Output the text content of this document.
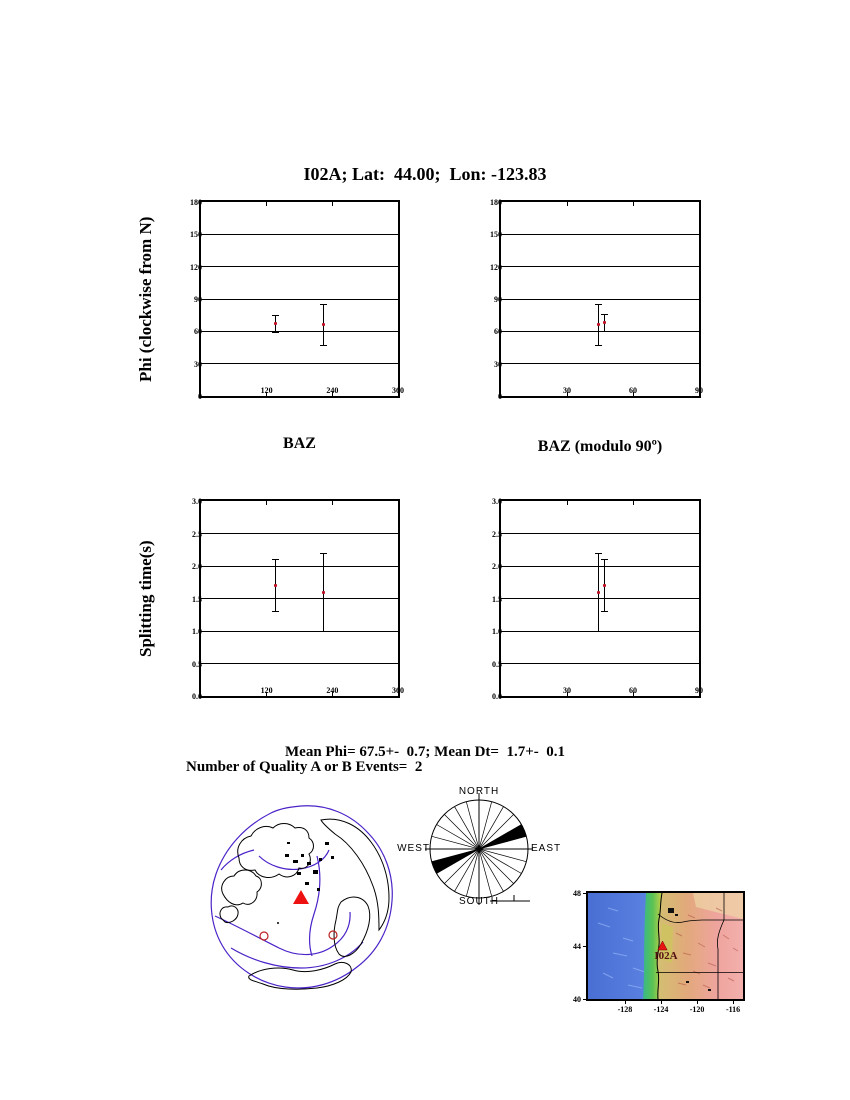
I02A; Lat:  44.00;  Lon: -123.83
Phi (clockwise from N)
Splitting time(s)
0
30
60
90
120
150
180
120	240	360
0
30
60
90
120
150
180
30	60	90
0.0
0.5
1.0
1.5
2.0
2.5
3.0
120	240	360
0.0
0.5
1.0
1.5
2.0
2.5
3.0
30	60	90
BAZ	BAZ (modulo 90º)
Mean Phi= 67.5+-  0.7; Mean Dt=  1.7+-  0.1
Number of Quality A or B Events=  2
NORTH
SOUTH
WEST	EAST
I02A
-128	-124	-120	-116
48
44
40
